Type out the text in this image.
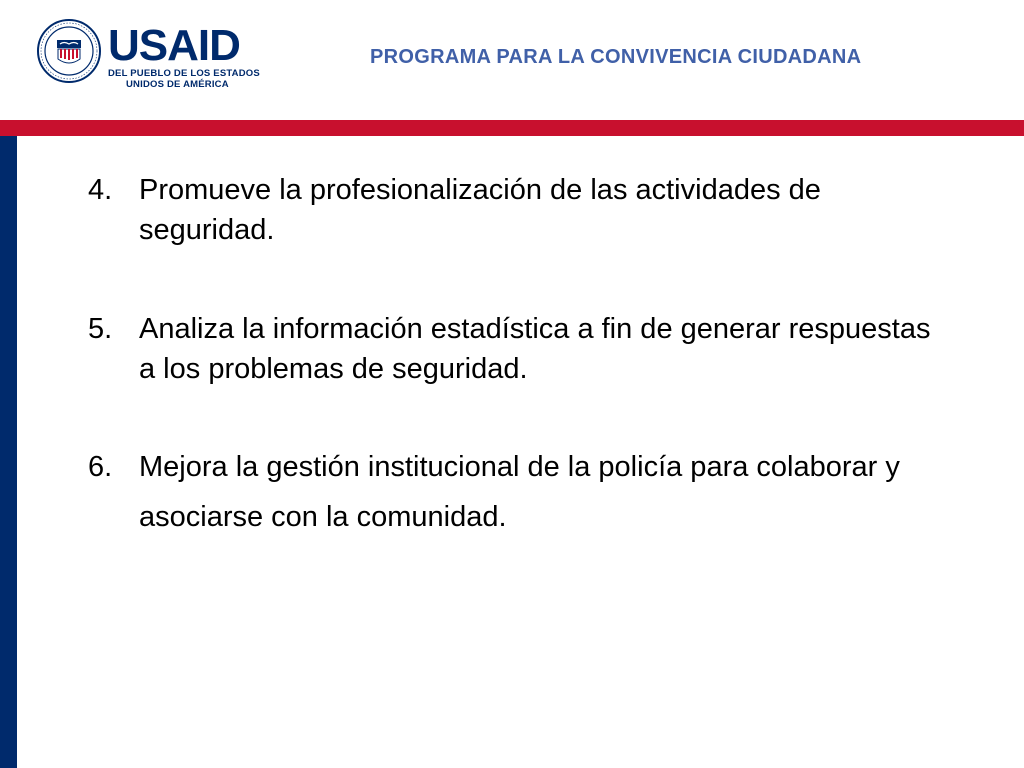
USAID
DEL PUEBLO DE LOS ESTADOS
UNIDOS DE AMÉRICA
PROGRAMA PARA LA CONVIVENCIA CIUDADANA
4. Promueve la profesionalización de las actividades de seguridad.
5. Analiza la información estadística a fin de generar respuestas a los problemas de seguridad.
6. Mejora la gestión institucional de la policía para colaborar y asociarse con la comunidad.
